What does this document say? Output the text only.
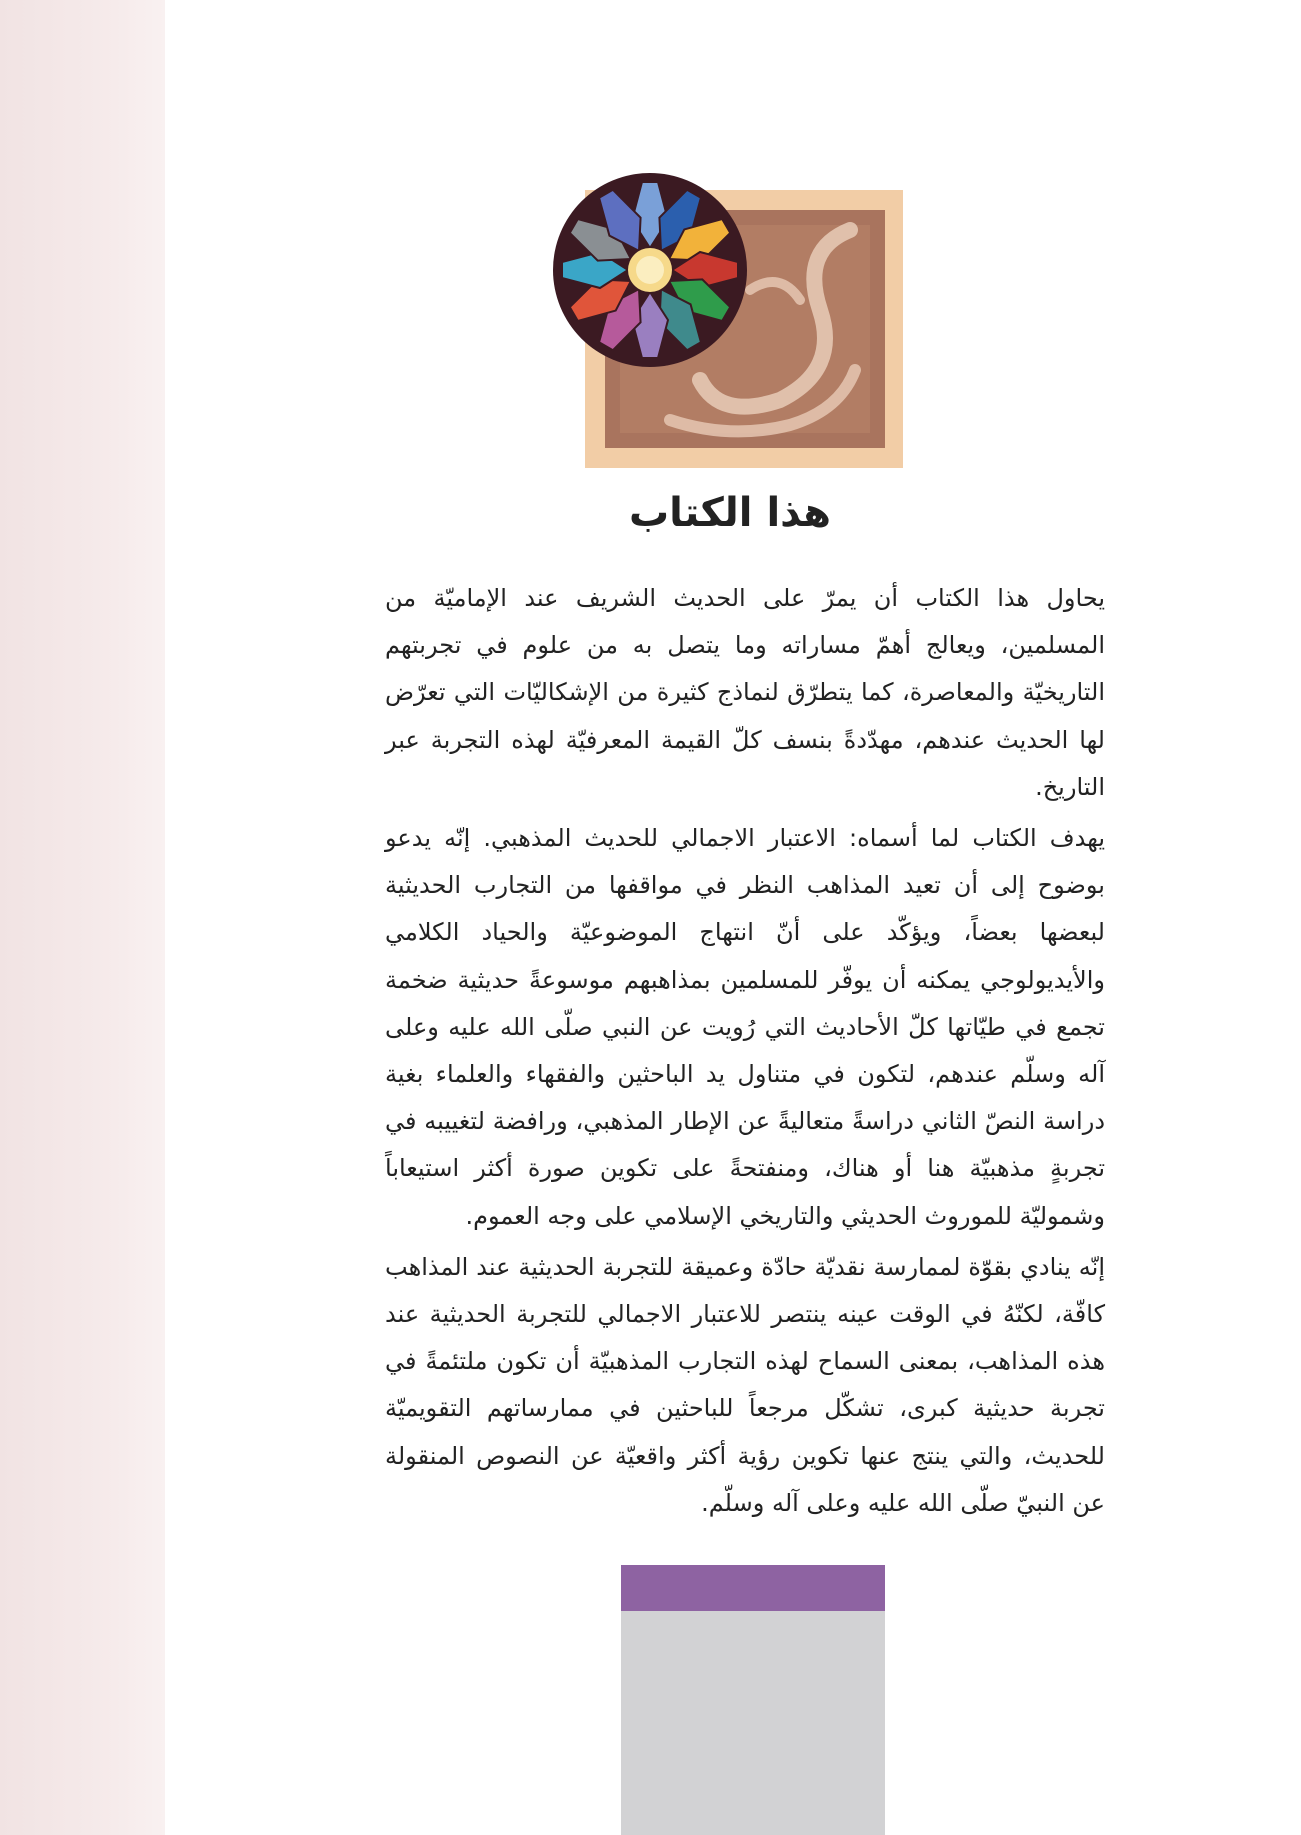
هذا الكتاب

يحاول هذا الكتاب أن يمرّ على الحديث الشريف عند الإماميّة من المسلمين، ويعالج أهمّ مساراته وما يتصل به من علوم في تجربتهم التاريخيّة والمعاصرة، كما يتطرّق لنماذج كثيرة من الإشكاليّات التي تعرّض لها الحديث عندهم، مهدّدةً بنسف كلّ القيمة المعرفيّة لهذه التجربة عبر التاريخ.

يهدف الكتاب لما أسماه: الاعتبار الاجمالي للحديث المذهبي. إنّه يدعو بوضوح إلى أن تعيد المذاهب النظر في مواقفها من التجارب الحديثية لبعضها بعضاً، ويؤكّد على أنّ انتهاج الموضوعيّة والحياد الكلامي والأيديولوجي يمكنه أن يوفّر للمسلمين بمذاهبهم موسوعةً حديثية ضخمة تجمع في طيّاتها كلّ الأحاديث التي رُويت عن النبي صلّى الله عليه وعلى آله وسلّم عندهم، لتكون في متناول يد الباحثين والفقهاء والعلماء بغية دراسة النصّ الثاني دراسةً متعاليةً عن الإطار المذهبي، ورافضة لتغييبه في تجربةٍ مذهبيّة هنا أو هناك، ومنفتحةً على تكوين صورة أكثر استيعاباً وشموليّة للموروث الحديثي والتاريخي الإسلامي على وجه العموم.

إنّه ينادي بقوّة لممارسة نقديّة حادّة وعميقة للتجربة الحديثية عند المذاهب كافّة، لكنّهُ في الوقت عينه ينتصر للاعتبار الاجمالي للتجربة الحديثية عند هذه المذاهب، بمعنى السماح لهذه التجارب المذهبيّة أن تكون ملتئمةً في تجربة حديثية كبرى، تشكّل مرجعاً للباحثين في ممارساتهم التقويميّة للحديث، والتي ينتج عنها تكوين رؤية أكثر واقعيّة عن النصوص المنقولة عن النبيّ صلّى الله عليه وعلى آله وسلّم.
